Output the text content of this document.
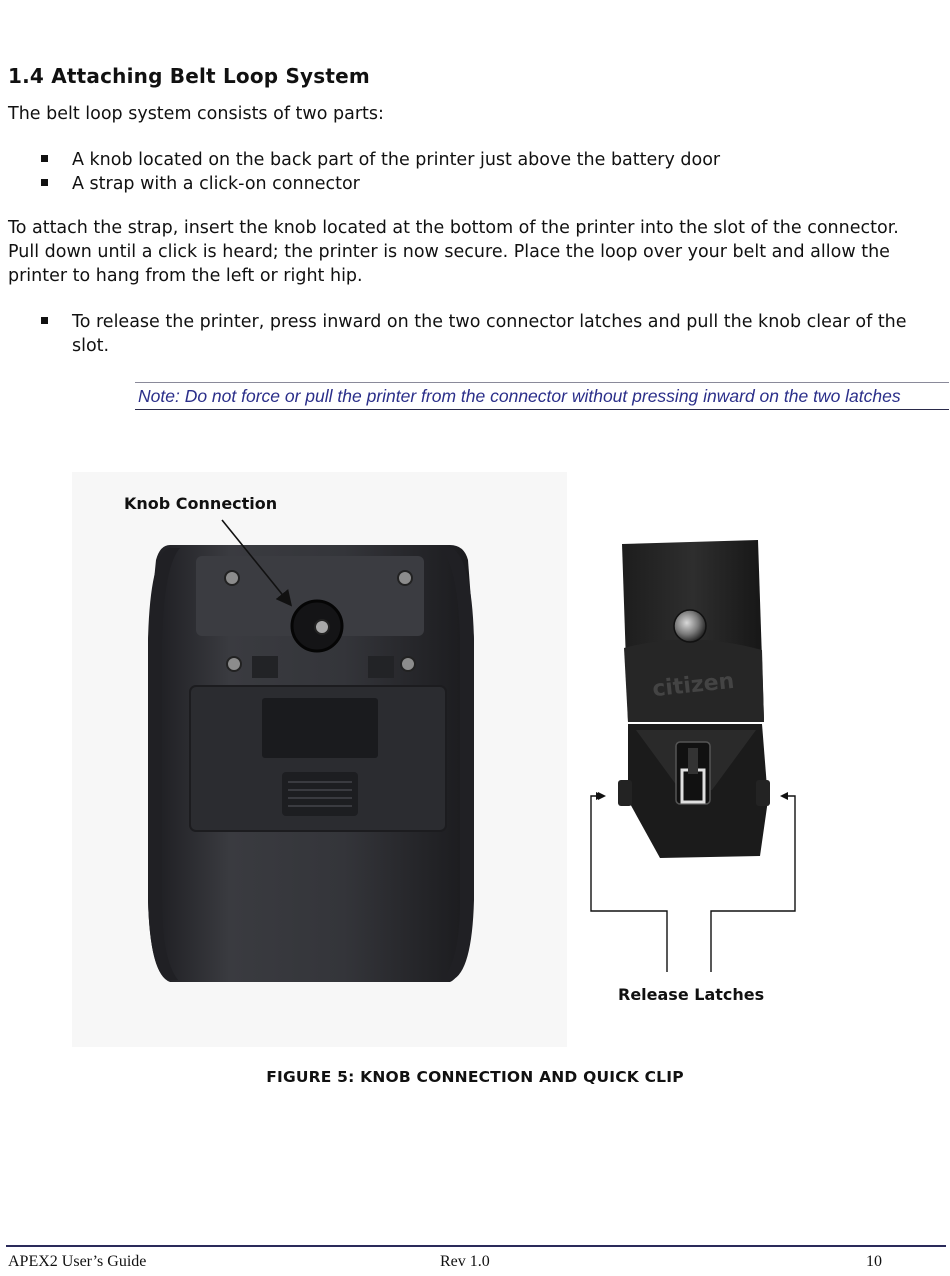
1.4 Attaching Belt Loop System

The belt loop system consists of two parts:

A knob located on the back part of the printer just above the battery door
A strap with a click-on connector

To attach the strap, insert the knob located at the bottom of the printer into the slot of the connector. Pull down until a click is heard; the printer is now secure. Place the loop over your belt and allow the printer to hang from the left or right hip.

To release the printer, press inward on the two connector latches and pull the knob clear of the slot.
Note: Do not force or pull the printer from the connector without pressing inward on the two latches
Knob Connection
citizen
Release Latches
FIGURE 5: KNOB CONNECTION AND QUICK CLIP
APEX2 User’s Guide	Rev 1.0	10
